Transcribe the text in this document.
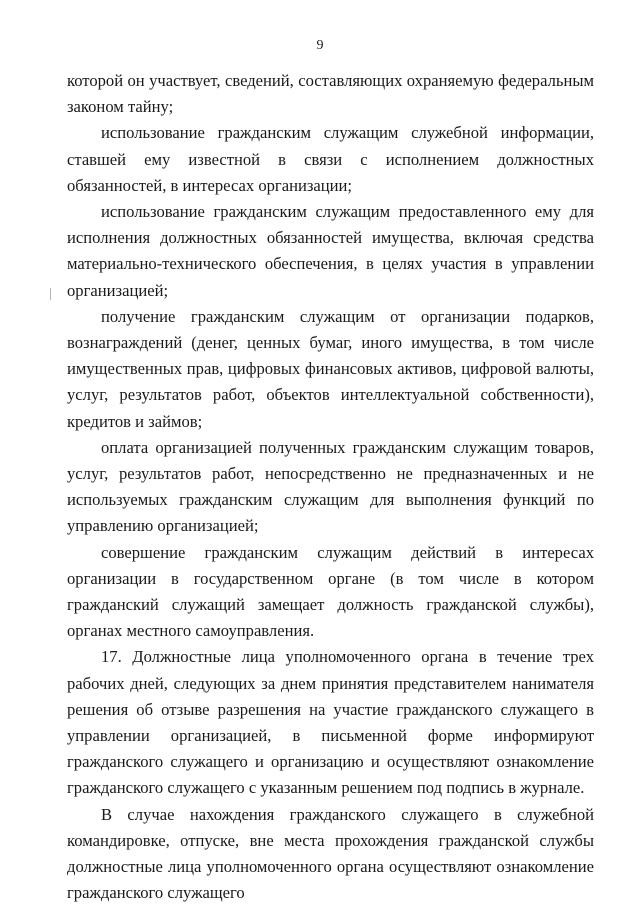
9

которой он участвует, сведений, составляющих охраняемую федеральным законом тайну;

использование гражданским служащим служебной информации, ставшей ему известной в связи с исполнением должностных обязанностей, в интересах организации;

использование гражданским служащим предоставленного ему для исполнения должностных обязанностей имущества, включая средства материально-технического обеспечения, в целях участия в управлении организацией;

получение гражданским служащим от организации подарков, вознаграждений (денег, ценных бумаг, иного имущества, в том числе имущественных прав, цифровых финансовых активов, цифровой валюты, услуг, результатов работ, объектов интеллектуальной собственности), кредитов и займов;

оплата организацией полученных гражданским служащим товаров, услуг, результатов работ, непосредственно не предназначенных и не используемых гражданским служащим для выполнения функций по управлению организацией;

совершение гражданским служащим действий в интересах организации в государственном органе (в том числе в котором гражданский служащий замещает должность гражданской службы), органах местного самоуправления.

17. Должностные лица уполномоченного органа в течение трех рабочих дней, следующих за днем принятия представителем нанимателя решения об отзыве разрешения на участие гражданского служащего в управлении организацией, в письменной форме информируют гражданского служащего и организацию и осуществляют ознакомление гражданского служащего с указанным решением под подпись в журнале.

В случае нахождения гражданского служащего в служебной командировке, отпуске, вне места прохождения гражданской службы должностные лица уполномоченного органа осуществляют ознакомление гражданского служащего
